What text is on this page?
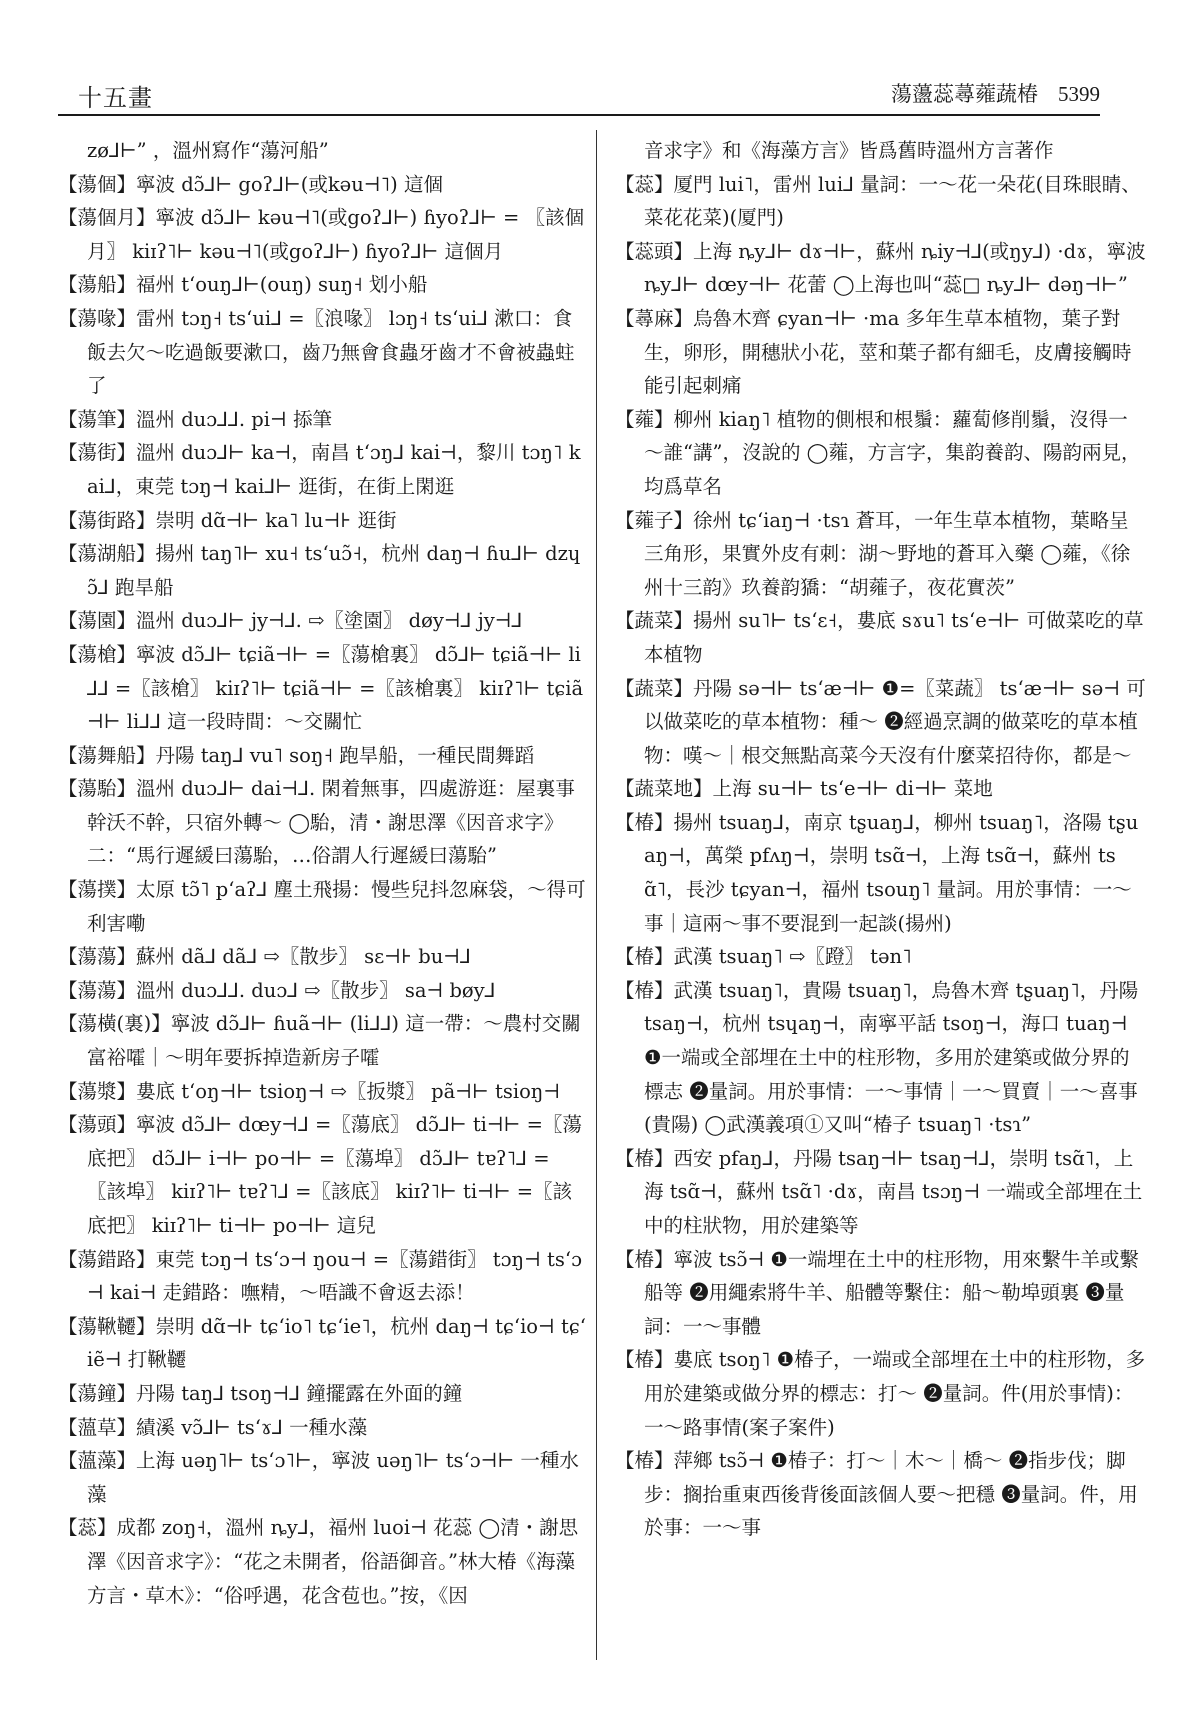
十五畫	蕩蘯蕊蕁蕹蔬椿 5399
zø⅃⊢” ，溫州寫作“蕩河船”
【蕩個】寧波 dɔ̃⅃⊢ goʔ⅃⊢(或kəu⊣˥) 這個
【蕩個月】寧波 dɔ̃⅃⊢ kəu⊣˥(或goʔ⅃⊢) ɦyoʔ⅃⊢ = 〖該個月〗 kiɪʔ˥⊢ kəu⊣˥(或goʔ⅃⊢) ɦyoʔ⅃⊢ 這個月
【蕩船】福州 tʻouŋ⅃⊢(ouŋ) suŋ˧ 划小船
【蕩喙】雷州 tɔŋ˧ tsʻui⅃ =〖浪喙〗 lɔŋ˧ tsʻui⅃ 漱口：食飯去欠～吃過飯要漱口，齒乃無會食蟲牙齒才不會被蟲蛀了
【蕩筆】溫州 duɔ⅃⅃. pi⊣ 掭筆
【蕩街】溫州 duɔ⅃⊢ ka⊣，南昌 tʻɔŋ⅃ kai⊣，黎川 tɔŋ˥ kai⅃，東莞 tɔŋ⊣ kai⅃⊢ 逛街，在街上閑逛
【蕩街路】崇明 dɑ̃⊣⊢ ka˥ lu⊣⊦ 逛街
【蕩湖船】揚州 taŋ˥⊢ xu˧ tsʻuɔ̃˧，杭州 daŋ⊣ ɦu⅃⊢ dzɥɔ̃⅃ 跑旱船
【蕩園】溫州 duɔ⅃⊢ jy⊣⅃. ⇨〖塗園〗 døy⊣⅃ jy⊣⅃
【蕩槍】寧波 dɔ̃⅃⊢ tɕiã⊣⊢ =〖蕩槍裏〗 dɔ̃⅃⊢ tɕiã⊣⊢ li⅃⅃ =〖該槍〗 kiɪʔ˥⊢ tɕiã⊣⊢ =〖該槍裏〗 kiɪʔ˥⊢ tɕiã⊣⊢ li⅃⅃ 這一段時間：～交關忙
【蕩舞船】丹陽 taŋ⅃ vu˥ soŋ˧ 跑旱船，一種民間舞蹈
【蕩駘】溫州 duɔ⅃⊢ dai⊣⅃. 閑着無事，四處游逛：屋裏事幹沃不幹，只宿外轉～ ◯駘，清・謝思澤《因音求字》二：“馬行遲緩曰蕩駘，…俗謂人行遲緩曰蕩駘”
【蕩撲】太原 tɔ̃˥ pʻaʔ⅃ 塵土飛揚：慢些兒抖忽麻袋，～得可利害嘞
【蕩蕩】蘇州 dã⅃ dã⅃ ⇨〖散步〗 sɛ⊣⊦ bu⊣⅃
【蕩蕩】溫州 duɔ⅃⅃. duɔ⅃ ⇨〖散步〗 sa⊣ bøy⅃
【蕩橫(裏)】寧波 dɔ̃⅃⊢ ɦuã⊣⊢ (li⅃⅃) 這一帶：～農村交關富裕嚯｜～明年要拆掉造新房子嚯
【蕩漿】婁底 tʻoŋ⊣⊢ tsioŋ⊣ ⇨〖扳漿〗 pã⊣⊢ tsioŋ⊣
【蕩頭】寧波 dɔ̃⅃⊢ dœy⊣⅃ =〖蕩底〗 dɔ̃⅃⊢ ti⊣⊢ =〖蕩底把〗 dɔ̃⅃⊢ i⊣⊢ po⊣⊢ =〖蕩埠〗 dɔ̃⅃⊢ tɐʔ˥⅃ =〖該埠〗 kiɪʔ˥⊢ tɐʔ˥⅃ =〖該底〗 kiɪʔ˥⊢ ti⊣⊢ =〖該底把〗 kiɪʔ˥⊢ ti⊣⊢ po⊣⊢ 這兒
【蕩錯路】東莞 tɔŋ⊣ tsʻɔ⊣ ŋou⊣ =〖蕩錯街〗 tɔŋ⊣ tsʻɔ⊣ kai⊣ 走錯路：嘸精，～唔識不會返去添！
【蕩鞦韆】崇明 dɑ̃⊣⊦ tɕʻio˥ tɕʻie˥，杭州 daŋ⊣ tɕʻio⊣ tɕʻiẽ⊣ 打鞦韆
【蕩鐘】丹陽 taŋ⅃ tsoŋ⊣⅃ 鐘擺露在外面的鐘
【薀草】績溪 vɔ̃⅃⊢ tsʻɤ⅃ 一種水藻
【薀藻】上海 uəŋ˥⊢ tsʻɔ˥⊢，寧波 uəŋ˥⊢ tsʻɔ⊣⊢ 一種水藻
【蕊】成都 zoŋ˧，溫州 ȵy⅃，福州 luoi⊣ 花蕊 ◯清・謝思澤《因音求字》：“花之未開者，俗語御音。”林大椿《海藻方言・草木》：“俗呼遇，花含苞也。”按，《因
音求字》和《海藻方言》皆爲舊時溫州方言著作
【蕊】厦門 lui˥，雷州 lui⅃ 量詞：一～花一朵花(目珠眼睛、菜花花菜)(厦門)
【蕊頭】上海 ȵy⅃⊢ dɤ⊣⊢，蘇州 ȵiy⊣⅃(或ŋy⅃) ·dɤ，寧波 ȵy⅃⊢ dœy⊣⊢ 花蕾 ◯上海也叫“蕊□ ȵy⅃⊢ dəŋ⊣⊢”
【蕁麻】烏魯木齊 ɕyan⊣⊢ ·ma 多年生草本植物，葉子對生，卵形，開穗狀小花，莖和葉子都有細毛，皮膚接觸時能引起刺痛
【蕹】柳州 kiaŋ˥ 植物的側根和根鬚：蘿蔔修削鬚，沒得一～誰“講”，沒說的 ◯蕹，方言字，集韵養韵、陽韵兩見，均爲草名
【蕹子】徐州 tɕʻiaŋ⊣ ·tsɿ 蒼耳，一年生草本植物，葉略呈三角形，果實外皮有刺：湖～野地的蒼耳入藥 ◯蕹，《徐州十三韵》玖養韵獢：“胡蕹子，夜花實茨”
【蔬菜】揚州 su˥⊢ tsʻɛ˧，婁底 sɤu˥ tsʻe⊣⊢ 可做菜吃的草本植物
【蔬菜】丹陽 sə⊣⊢ tsʻæ⊣⊢ ❶=〖菜蔬〗 tsʻæ⊣⊢ sə⊣ 可以做菜吃的草本植物：種～ ❷經過烹調的做菜吃的草本植物：嘆～｜根交無點高菜今天沒有什麼菜招待你，都是～
【蔬菜地】上海 su⊣⊢ tsʻe⊣⊢ di⊣⊢ 菜地
【椿】揚州 tsuaŋ⅃，南京 tʂuaŋ⅃，柳州 tsuaŋ˥，洛陽 tʂuaŋ⊣，萬榮 pfʌŋ⊣，崇明 tsɑ̃⊣，上海 tsɑ̃⊣，蘇州 tsɑ̃˥，長沙 tɕyan⊣，福州 tsouŋ˥ 量詞。用於事情：一～事｜這兩～事不要混到一起談(揚州)
【椿】武漢 tsuaŋ˥ ⇨〖蹬〗 tən˥
【椿】武漢 tsuaŋ˥，貴陽 tsuaŋ˥，烏魯木齊 tʂuaŋ˥，丹陽 tsaŋ⊣，杭州 tsɥaŋ⊣，南寧平話 tsoŋ⊣，海口 tuaŋ⊣ ❶一端或全部埋在土中的柱形物，多用於建築或做分界的標志 ❷量詞。用於事情：一～事情｜一～買賣｜一～喜事(貴陽) ◯武漢義項①又叫“椿子 tsuaŋ˥ ·tsɿ”
【椿】西安 pfaŋ⅃，丹陽 tsaŋ⊣⊢ tsaŋ⊣⅃，崇明 tsɑ̃˥，上海 tsɑ̃⊣，蘇州 tsɑ̃˥ ·dɤ，南昌 tsɔŋ⊣ 一端或全部埋在土中的柱狀物，用於建築等
【椿】寧波 tsɔ̃⊣ ❶一端埋在土中的柱形物，用來繫牛羊或繫船等 ❷用繩索將牛羊、船體等繫住：船～勒埠頭裏 ❸量詞：一～事體
【椿】婁底 tsoŋ˥ ❶椿子，一端或全部埋在土中的柱形物，多用於建築或做分界的標志：打～ ❷量詞。件(用於事情)：一～路事情(案子案件)
【椿】萍鄉 tsɔ̃⊣ ❶椿子：打～｜木～｜橋～ ❷指步伐；脚步：搁抬重東西後背後面該個人要～把穩 ❸量詞。件，用於事：一～事
